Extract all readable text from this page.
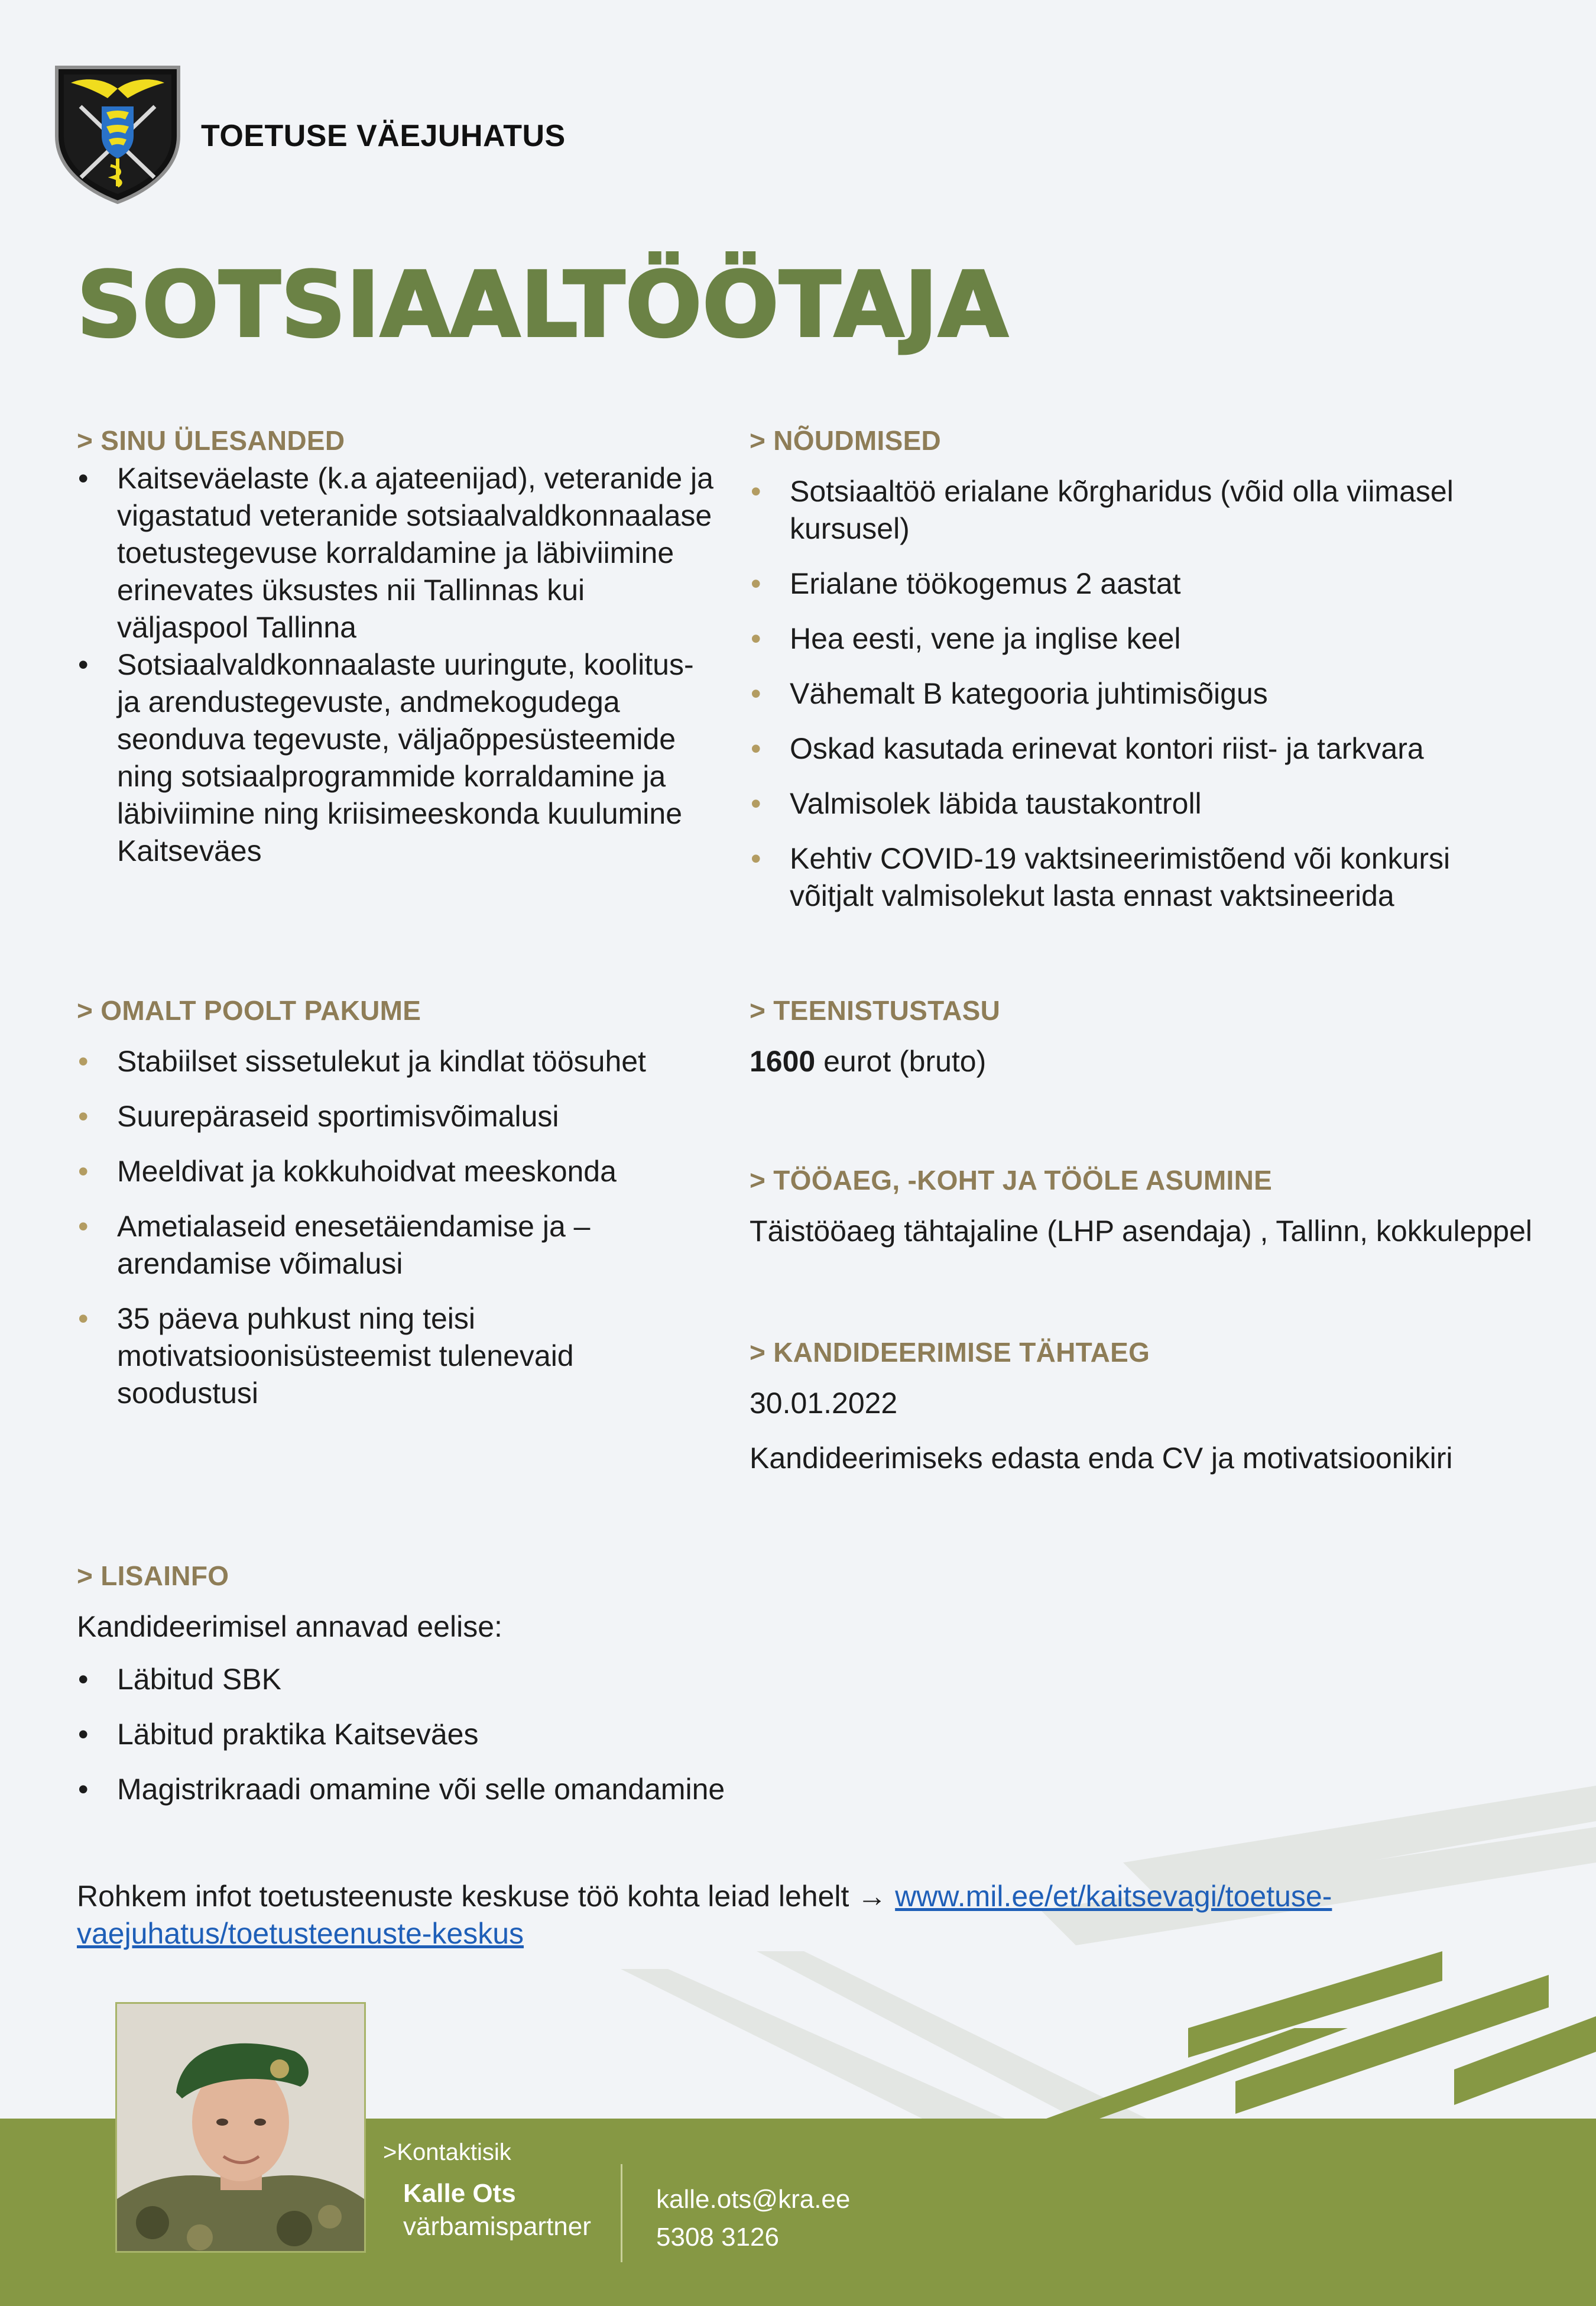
TOETUSE VÄEJUHATUS
SOTSIAALTÖÖTAJA
> SINU ÜLESANDED
• Kaitseväelaste (k.a ajateenijad), veteranide ja vigastatud veteranide sotsiaalvaldkonnaalase toetustegevuse korraldamine ja läbiviimine erinevates üksustes nii Tallinnas kui väljaspool Tallinna
• Sotsiaalvaldkonnaalaste uuringute, koolitus- ja arendustegevuste, andmekogudega seonduva tegevuste, väljaõppesüsteemide ning sotsiaalprogrammide korraldamine ja läbiviimine ning kriisimeeskonda kuulumine Kaitseväes
> NÕUDMISED
• Sotsiaaltöö erialane kõrgharidus (võid olla viimasel kursusel)
• Erialane töökogemus 2 aastat
• Hea eesti, vene ja inglise keel
• Vähemalt B kategooria juhtimisõigus
• Oskad kasutada erinevat kontori riist- ja tarkvara
• Valmisolek läbida taustakontroll
• Kehtiv COVID-19 vaktsineerimistõend või konkursi võitjalt valmisolekut lasta ennast vaktsineerida
> OMALT POOLT PAKUME
• Stabiilset sissetulekut ja kindlat töösuhet
• Suurepäraseid sportimisvõimalusi
• Meeldivat ja kokkuhoidvat meeskonda
• Ametialaseid enesetäiendamise ja –arendamise võimalusi
• 35 päeva puhkust ning teisi motivatsioonisüsteemist tulenevaid soodustusi
> TEENISTUSTASU
1600 eurot (bruto)
> TÖÖAEG, -KOHT JA TÖÖLE ASUMINE
Täistööaeg tähtajaline (LHP asendaja) , Tallinn, kokkuleppel
> KANDIDEERIMISE TÄHTAEG
30.01.2022
Kandideerimiseks edasta enda CV ja motivatsioonikiri
> LISAINFO
Kandideerimisel annavad eelise:
• Läbitud SBK
• Läbitud praktika Kaitseväes
• Magistrikraadi omamine või selle omandamine
Rohkem infot toetusteenuste keskuse töö kohta leiad lehelt → www.mil.ee/et/kaitsevagi/toetuse-
vaejuhatus/toetusteenuste-keskus
>Kontaktisik
Kalle Ots
värbamispartner
kalle.ots@kra.ee
5308 3126
